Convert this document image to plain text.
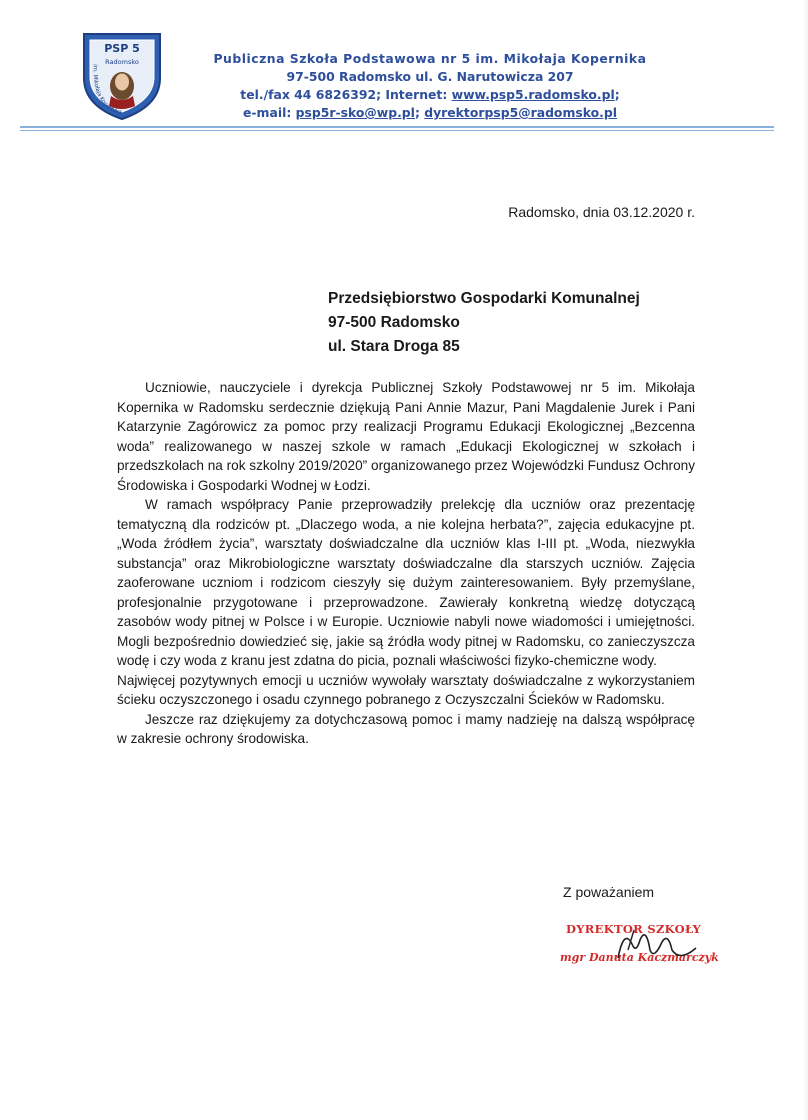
PSP 5
Radomsko
im. Mikołaja Kopernika
Publiczna Szkoła Podstawowa nr 5 im. Mikołaja Kopernika
97-500 Radomsko ul. G. Narutowicza 207
tel./fax 44 6826392; Internet: www.psp5.radomsko.pl;
e-mail: psp5r-sko@wp.pl; dyrektorpsp5@radomsko.pl
Radomsko, dnia 03.12.2020 r.
Przedsiębiorstwo Gospodarki Komunalnej
97-500 Radomsko
ul. Stara Droga 85

Uczniowie, nauczyciele i dyrekcja Publicznej Szkoły Podstawowej nr 5 im. Mikołaja Kopernika w Radomsku serdecznie dziękują Pani Annie Mazur, Pani Magdalenie Jurek i Pani Katarzynie Zagórowicz za pomoc przy realizacji Programu Edukacji Ekologicznej „Bezcenna woda” realizowanego w naszej szkole w ramach „Edukacji Ekologicznej w szkołach i przedszkolach na rok szkolny 2019/2020” organizowanego przez Wojewódzki Fundusz Ochrony Środowiska i Gospodarki Wodnej w Łodzi.

W ramach współpracy Panie przeprowadziły prelekcję dla uczniów oraz prezentację tematyczną dla rodziców pt. „Dlaczego woda, a nie kolejna herbata?”, zajęcia edukacyjne pt. „Woda źródłem życia”, warsztaty doświadczalne dla uczniów klas I-III pt. „Woda, niezwykła substancja” oraz Mikrobiologiczne warsztaty doświadczalne dla starszych uczniów. Zajęcia zaoferowane uczniom i rodzicom cieszyły się dużym zainteresowaniem. Były przemyślane, profesjonalnie przygotowane i przeprowadzone. Zawierały konkretną wiedzę dotyczącą zasobów wody pitnej w Polsce i w Europie. Uczniowie nabyli nowe wiadomości i umiejętności. Mogli bezpośrednio dowiedzieć się, jakie są źródła wody pitnej w Radomsku, co zanieczyszcza wodę i czy woda z kranu jest zdatna do picia, poznali właściwości fizyko-chemiczne wody.

Najwięcej pozytywnych emocji u uczniów wywołały warsztaty doświadczalne z wykorzystaniem ścieku oczyszczonego i osadu czynnego pobranego z Oczyszczalni Ścieków w Radomsku.

Jeszcze raz dziękujemy za dotychczasową pomoc i mamy nadzieję na dalszą współpracę w zakresie ochrony środowiska.

Z poważaniem
DYREKTOR SZKOŁY
mgr Danuta Kaczmarczyk
